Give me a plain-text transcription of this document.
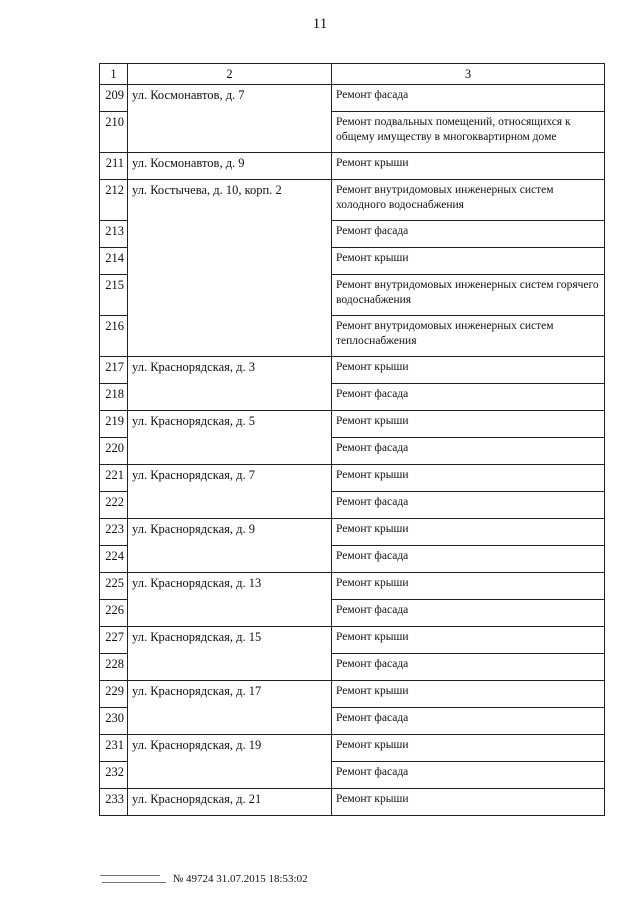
11
1	2	3
209	ул. Космонавтов, д. 7	Ремонт фасада
210		Ремонт подвальных помещений, относящихся к общему имуществу в многоквартирном доме
211	ул. Космонавтов, д. 9	Ремонт крыши
212	ул. Костычева, д. 10, корп. 2	Ремонт внутридомовых инженерных систем холодного водоснабжения
213		Ремонт фасада
214		Ремонт крыши
215		Ремонт внутридомовых инженерных систем горячего водоснабжения
216		Ремонт внутридомовых инженерных систем теплоснабжения
217	ул. Краснорядская, д. 3	Ремонт крыши
218		Ремонт фасада
219	ул. Краснорядская, д. 5	Ремонт крыши
220		Ремонт фасада
221	ул. Краснорядская, д. 7	Ремонт крыши
222		Ремонт фасада
223	ул. Краснорядская, д. 9	Ремонт крыши
224		Ремонт фасада
225	ул. Краснорядская, д. 13	Ремонт крыши
226		Ремонт фасада
227	ул. Краснорядская, д. 15	Ремонт крыши
228		Ремонт фасада
229	ул. Краснорядская, д. 17	Ремонт крыши
230		Ремонт фасада
231	ул. Краснорядская, д. 19	Ремонт крыши
232		Ремонт фасада
233	ул. Краснорядская, д. 21	Ремонт крыши

№ 49724 31.07.2015 18:53:02
